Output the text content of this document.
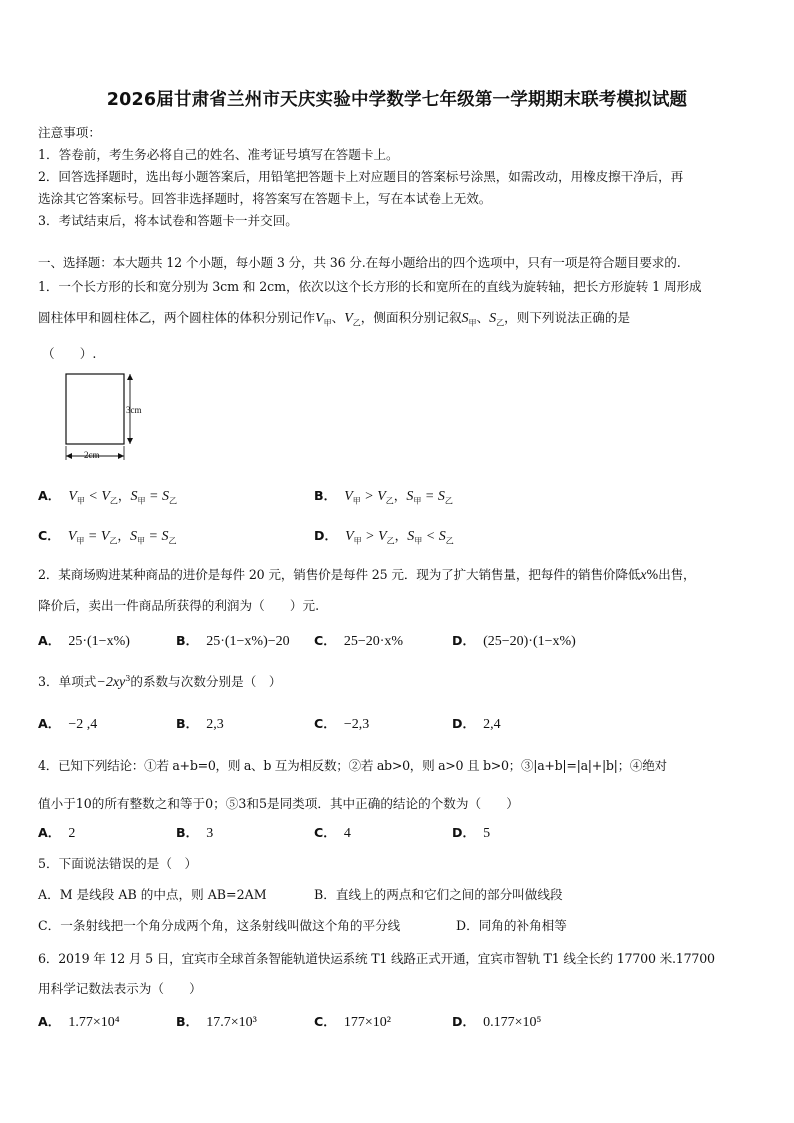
2026届甘肃省兰州市天庆实验中学数学七年级第一学期期末联考模拟试题
注意事项：
1．答卷前，考生务必将自己的姓名、准考证号填写在答题卡上。
2．回答选择题时，选出每小题答案后，用铅笔把答题卡上对应题目的答案标号涂黑，如需改动，用橡皮擦干净后，再
选涂其它答案标号。回答非选择题时，将答案写在答题卡上，写在本试卷上无效。
3．考试结束后，将本试卷和答题卡一并交回。
一、选择题：本大题共 12 个小题，每小题 3 分，共 36 分.在每小题给出的四个选项中，只有一项是符合题目要求的.
1．一个长方形的长和宽分别为 3cm 和 2cm，依次以这个长方形的长和宽所在的直线为旋转轴，把长方形旋转 1 周形成
圆柱体甲和圆柱体乙，两个圆柱体的体积分别记作$V_甲$、$V_乙$，侧面积分别记叙$S_甲$、$S_乙$，则下列说法正确的是
（　　）.
3cm
2cm
A． $V_甲 < V_乙$，$S_甲 = S_乙$	B． $V_甲 > V_乙$，$S_甲 = S_乙$
C． $V_甲 = V_乙$，$S_甲 = S_乙$	D． $V_甲 > V_乙$，$S_甲 < S_乙$
2．某商场购进某种商品的进价是每件 20 元，销售价是每件 25 元．现为了扩大销售量，把每件的销售价降低x%出售，
降价后，卖出一件商品所获得的利润为（　　）元.
A． 25·(1−x%)	B． 25·(1−x%)−20 C． 25−20·x%	D． (25−20)·(1−x%)
3．单项式$-2xy^3$的系数与次数分别是（　）
A． −2 ,4	B． 2,3	C． −2,3	D． 2,4
4．已知下列结论：①若 a+b=0，则 a、b 互为相反数；②若 ab>0，则 a>0 且 b>0；③|a+b|=|a|+|b|；④绝对
值小于10的所有整数之和等于0；⑤3和5是同类项．其中正确的结论的个数为（　　）
A． 2	B． 3	C． 4	D． 5
5．下面说法错误的是（　）
A．M 是线段 AB 的中点，则 AB=2AM	B．直线上的两点和它们之间的部分叫做线段
C．一条射线把一个角分成两个角，这条射线叫做这个角的平分线	D．同角的补角相等
6．2019 年 12 月 5 日，宜宾市全球首条智能轨道快运系统 T1 线路正式开通，宜宾市智轨 T1 线全长约 17700 米.17700
用科学记数法表示为（　　）
A． 1.77×10⁴	B． 17.7×10³	C． 177×10²	D． 0.177×10⁵
